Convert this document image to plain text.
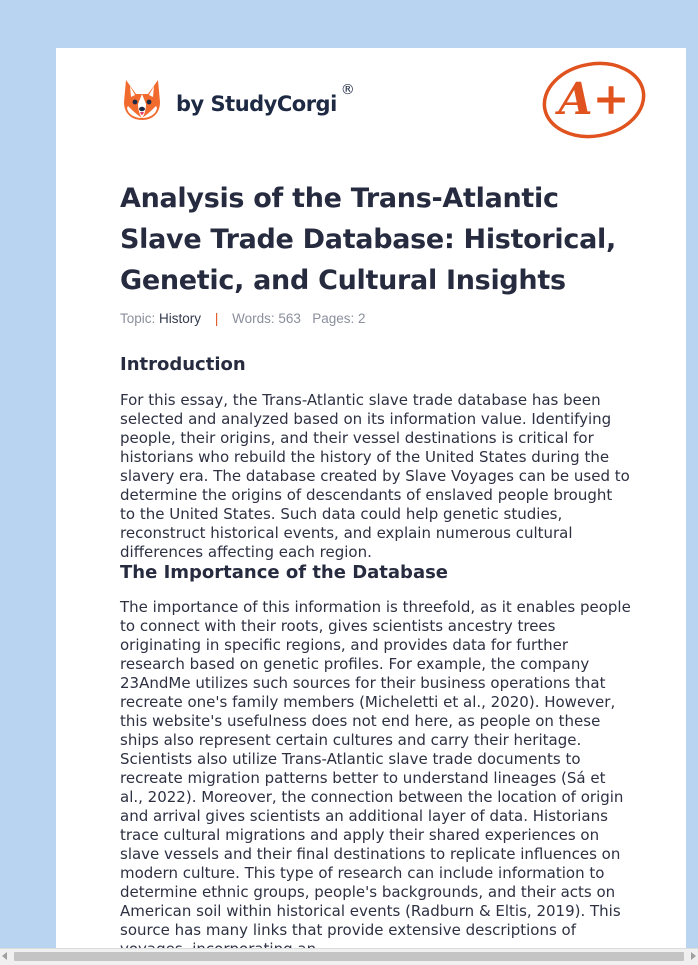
by StudyCorgi®	A+
Analysis of the Trans-Atlantic Slave Trade Database: Historical, Genetic, and Cultural Insights
Topic: History | Words: 563 Pages: 2
Introduction

For this essay, the Trans-Atlantic slave trade database has been selected and analyzed based on its information value. Identifying people, their origins, and their vessel destinations is critical for historians who rebuild the history of the United States during the slavery era. The database created by Slave Voyages can be used to determine the origins of descendants of enslaved people brought to the United States. Such data could help genetic studies, reconstruct historical events, and explain numerous cultural differences affecting each region.

The Importance of the Database

The importance of this information is threefold, as it enables people to connect with their roots, gives scientists ancestry trees originating in specific regions, and provides data for further research based on genetic profiles. For example, the company 23AndMe utilizes such sources for their business operations that recreate one's family members (Micheletti et al., 2020). However, this website's usefulness does not end here, as people on these ships also represent certain cultures and carry their heritage. Scientists also utilize Trans-Atlantic slave trade documents to recreate migration patterns better to understand lineages (Sá et al., 2022). Moreover, the connection between the location of origin and arrival gives scientists an additional layer of data. Historians trace cultural migrations and apply their shared experiences on slave vessels and their final destinations to replicate influences on modern culture. This type of research can include information to determine ethnic groups, people's backgrounds, and their acts on American soil within historical events (Radburn & Eltis, 2019). This source has many links that provide extensive descriptions of
